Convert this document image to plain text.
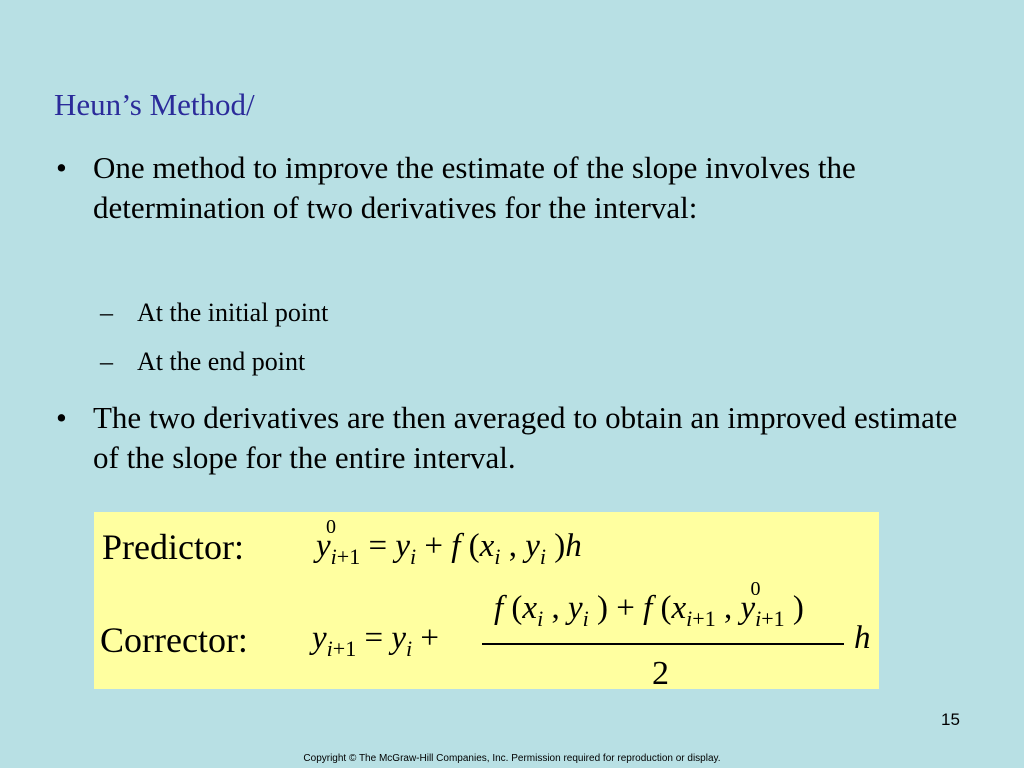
Heun’s Method/
• One method to improve the estimate of the slope involves the determination of two derivatives for the interval:
– At the initial point
– At the end point
• The two derivatives are then averaged to obtain an improved estimate of the slope for the entire interval.
Predictor: y
0
$_{i+1} = y_i + f$ ($x_i$ , $y_i$ )h
Corrector: $y_{i+1} = y_i$ +
f ($x_i$ , $y_i$ ) + f ($x_{i+1}$ , y
0
$_{i+1}$ )
2
h
15
Copyright © The McGraw-Hill Companies, Inc. Permission required for reproduction or display.
